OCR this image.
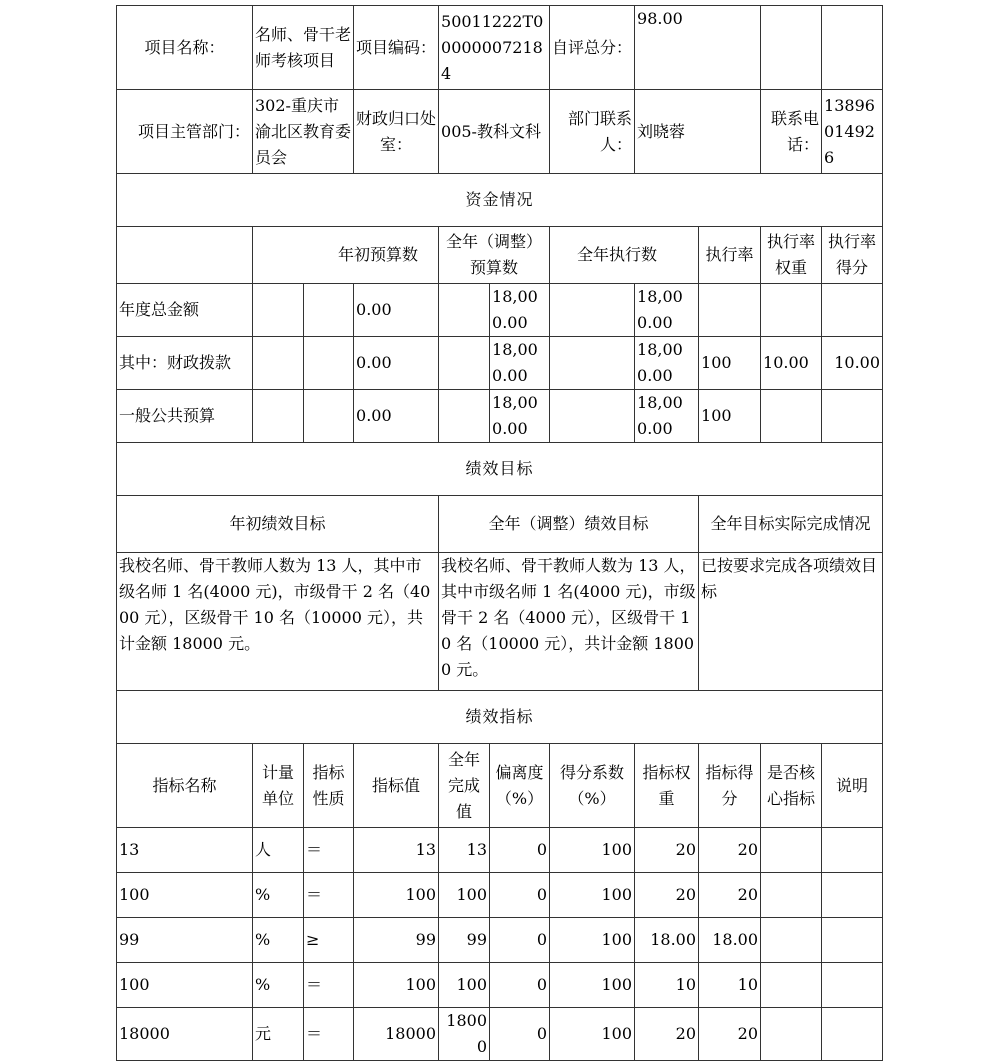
项目名称：	名师、骨干老师考核项目		项目编码：	50011222T000000072184		自评总分：	98.00			
项目主管部门：	302-重庆市渝北区教育委员会		财政归口处室：	005-教科文科		部门联系人：	刘晓蓉		联系电话：	13896014926
资金情况										
	年初预算数			全年（调整）预算数		全年执行数		执行率	执行率权重	执行率得分
年度总金额			0.00		18,000.00		18,000.00			
其中：财政拨款			0.00		18,000.00		18,000.00	100	10.00	10.00
一般公共预算			0.00		18,000.00		18,000.00	100		
绩效目标										
年初绩效目标				全年（调整）绩效目标				全年目标实际完成情况		
我校名师、骨干教师人数为 13 人，其中市级名师 1 名(4000 元)，市级骨干 2 名（4000 元），区级骨干 10 名（10000 元），共计金额 18000 元。				我校名师、骨干教师人数为 13 人，其中市级名师 1 名(4000 元)，市级骨干 2 名（4000 元），区级骨干 10 名（10000 元），共计金额 18000 元。				已按要求完成各项绩效目标		
绩效指标										
指标名称	计量单位	指标性质	指标值	全年完成值	偏离度（%）	得分系数（%）	指标权重	指标得分	是否核心指标	说明
13	人	＝	13	13	0	100	20	20		
100	%	＝	100	100	0	100	20	20		
99	%	≥	99	99	0	100	18.00	18.00		
100	%	＝	100	100	0	100	10	10		
18000	元	＝	18000	18000	0	100	20	20		
